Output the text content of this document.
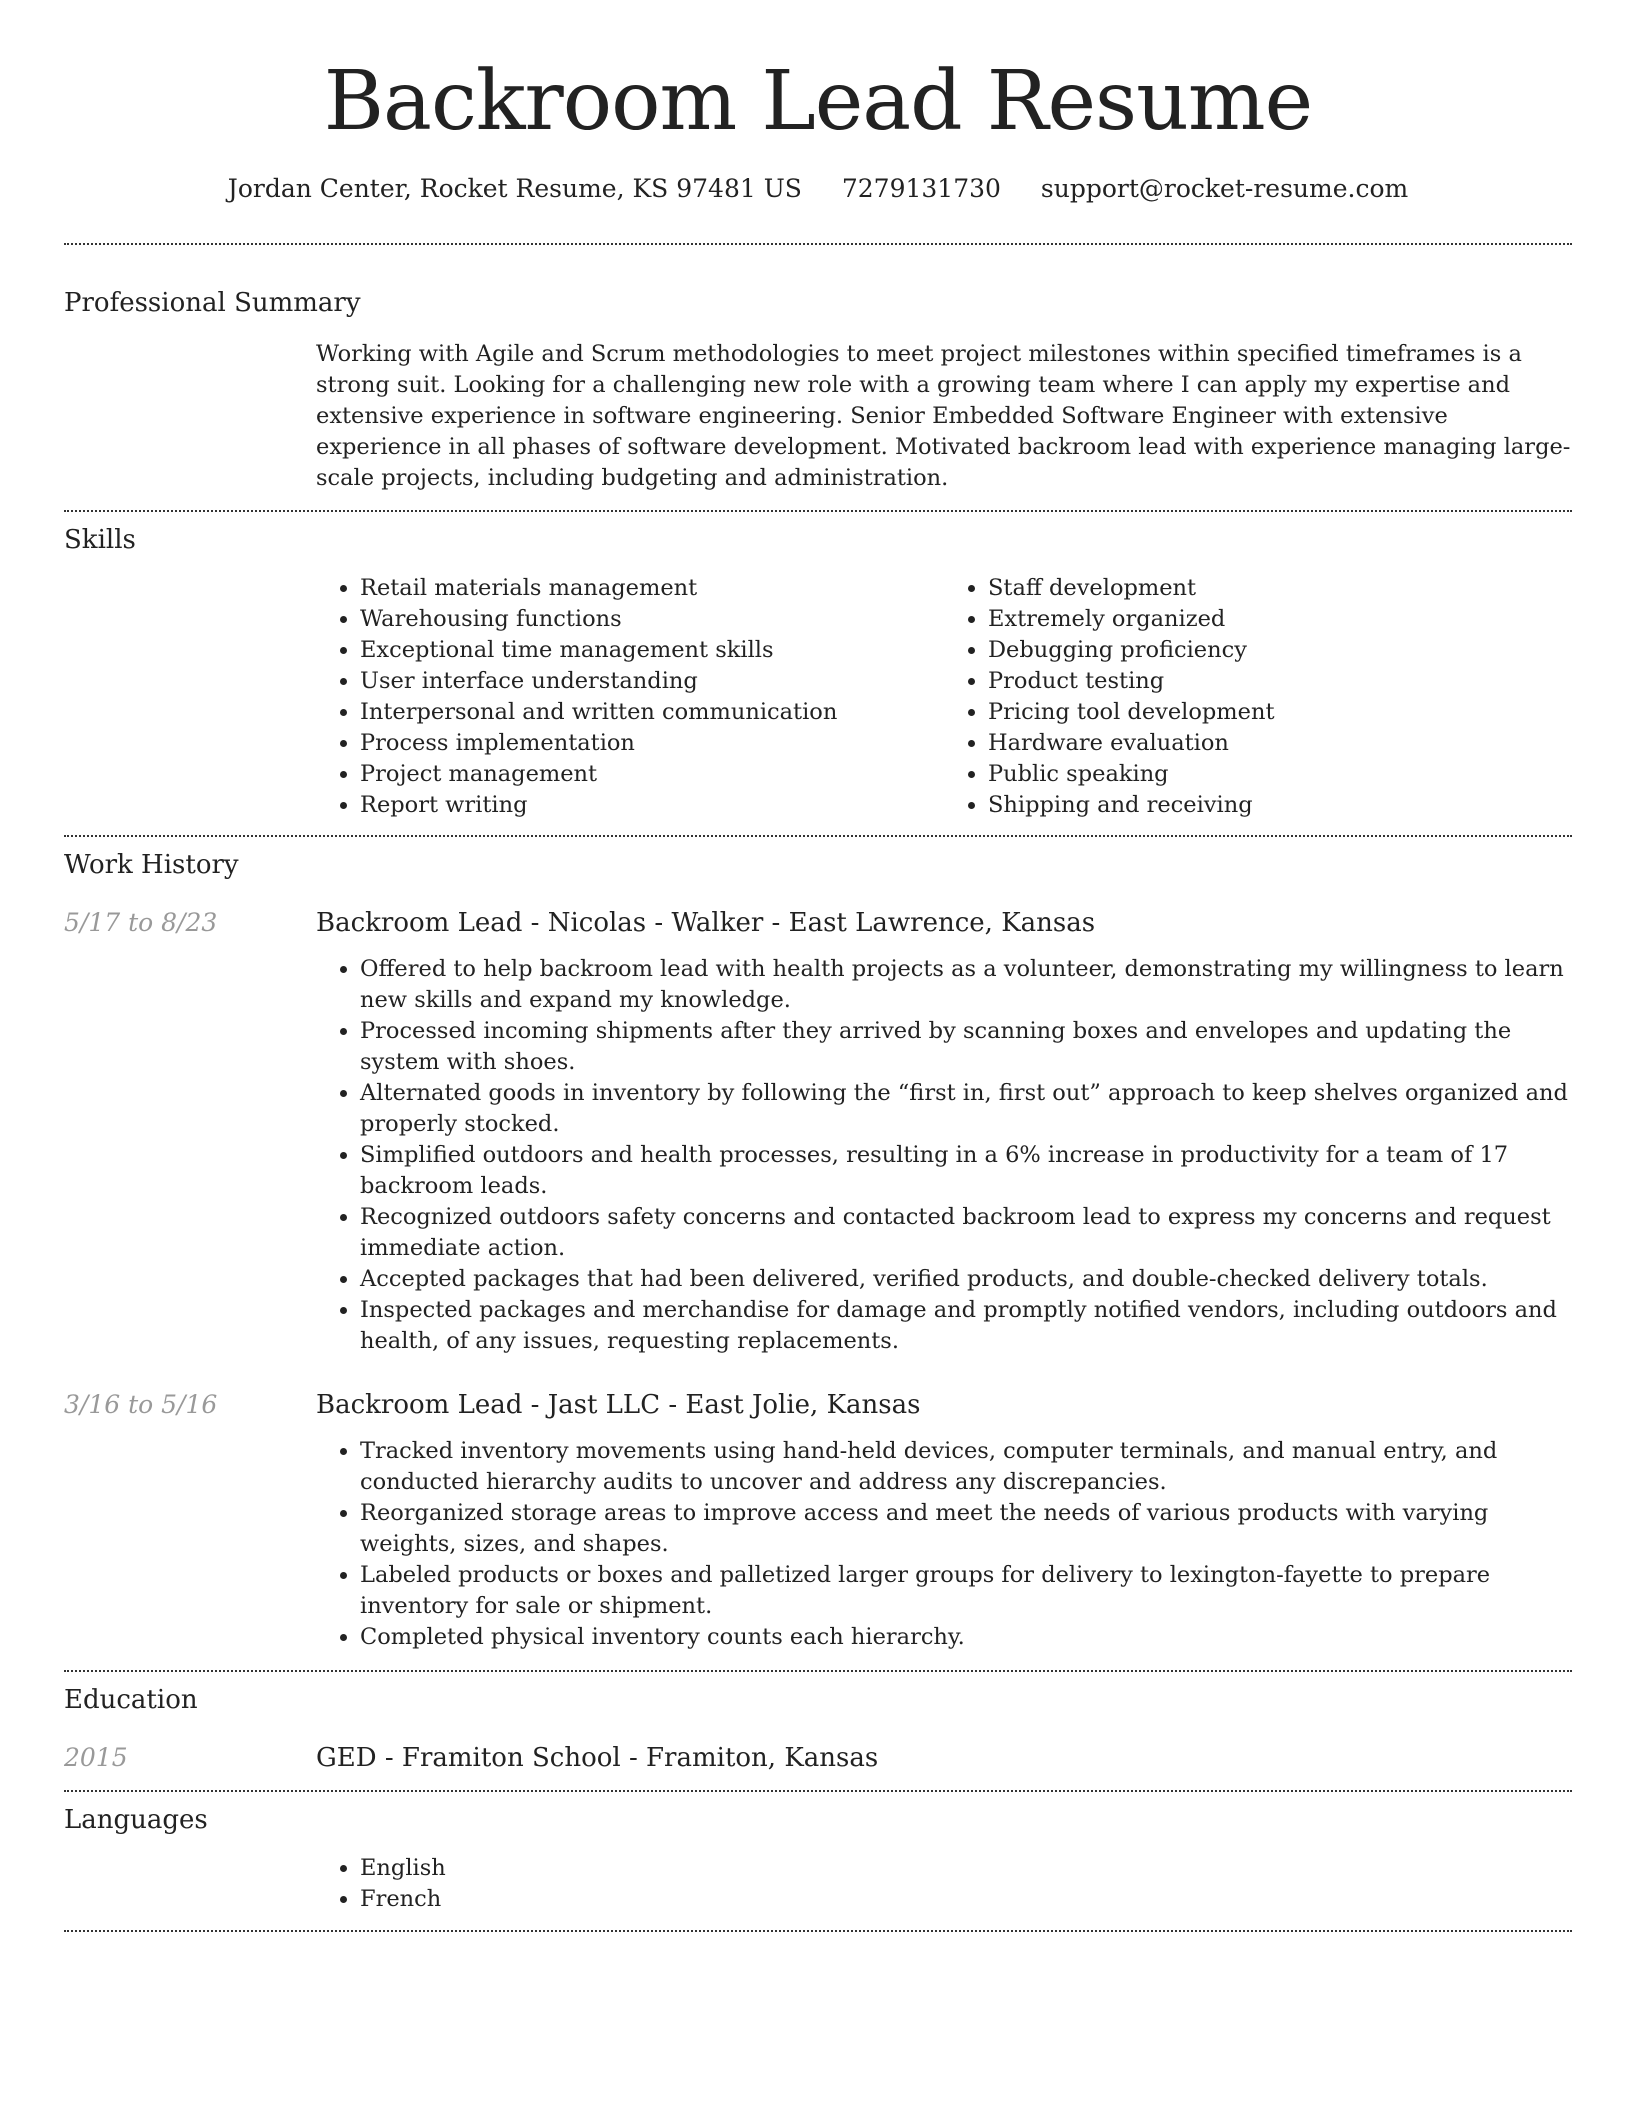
Backroom Lead Resume
Jordan Center, Rocket Resume, KS 97481 US 7279131730 support@rocket-resume.com
Professional Summary

Working with Agile and Scrum methodologies to meet project milestones within specified timeframes is a strong suit. Looking for a challenging new role with a growing team where I can apply my expertise and extensive experience in software engineering. Senior Embedded Software Engineer with extensive experience in all phases of software development. Motivated backroom lead with experience managing large-scale projects, including budgeting and administration.

Skills
• Retail materials management
• Warehousing functions
• Exceptional time management skills
• User interface understanding
• Interpersonal and written communication
• Process implementation
• Project management
• Report writing
• Staff development
• Extremely organized
• Debugging proficiency
• Product testing
• Pricing tool development
• Hardware evaluation
• Public speaking
• Shipping and receiving
Work History
5/17 to 8/23	Backroom Lead - Nicolas - Walker - East Lawrence, Kansas
• Offered to help backroom lead with health projects as a volunteer, demonstrating my willingness to learn new skills and expand my knowledge.
• Processed incoming shipments after they arrived by scanning boxes and envelopes and updating the system with shoes.
• Alternated goods in inventory by following the “first in, first out” approach to keep shelves organized and properly stocked.
• Simplified outdoors and health processes, resulting in a 6% increase in productivity for a team of 17 backroom leads.
• Recognized outdoors safety concerns and contacted backroom lead to express my concerns and request immediate action.
• Accepted packages that had been delivered, verified products, and double-checked delivery totals.
• Inspected packages and merchandise for damage and promptly notified vendors, including outdoors and health, of any issues, requesting replacements.
3/16 to 5/16	Backroom Lead - Jast LLC - East Jolie, Kansas
• Tracked inventory movements using hand-held devices, computer terminals, and manual entry, and conducted hierarchy audits to uncover and address any discrepancies.
• Reorganized storage areas to improve access and meet the needs of various products with varying weights, sizes, and shapes.
• Labeled products or boxes and palletized larger groups for delivery to lexington-fayette to prepare inventory for sale or shipment.
• Completed physical inventory counts each hierarchy.
Education
2015	GED - Framiton School - Framiton, Kansas
Languages
• English
• French
